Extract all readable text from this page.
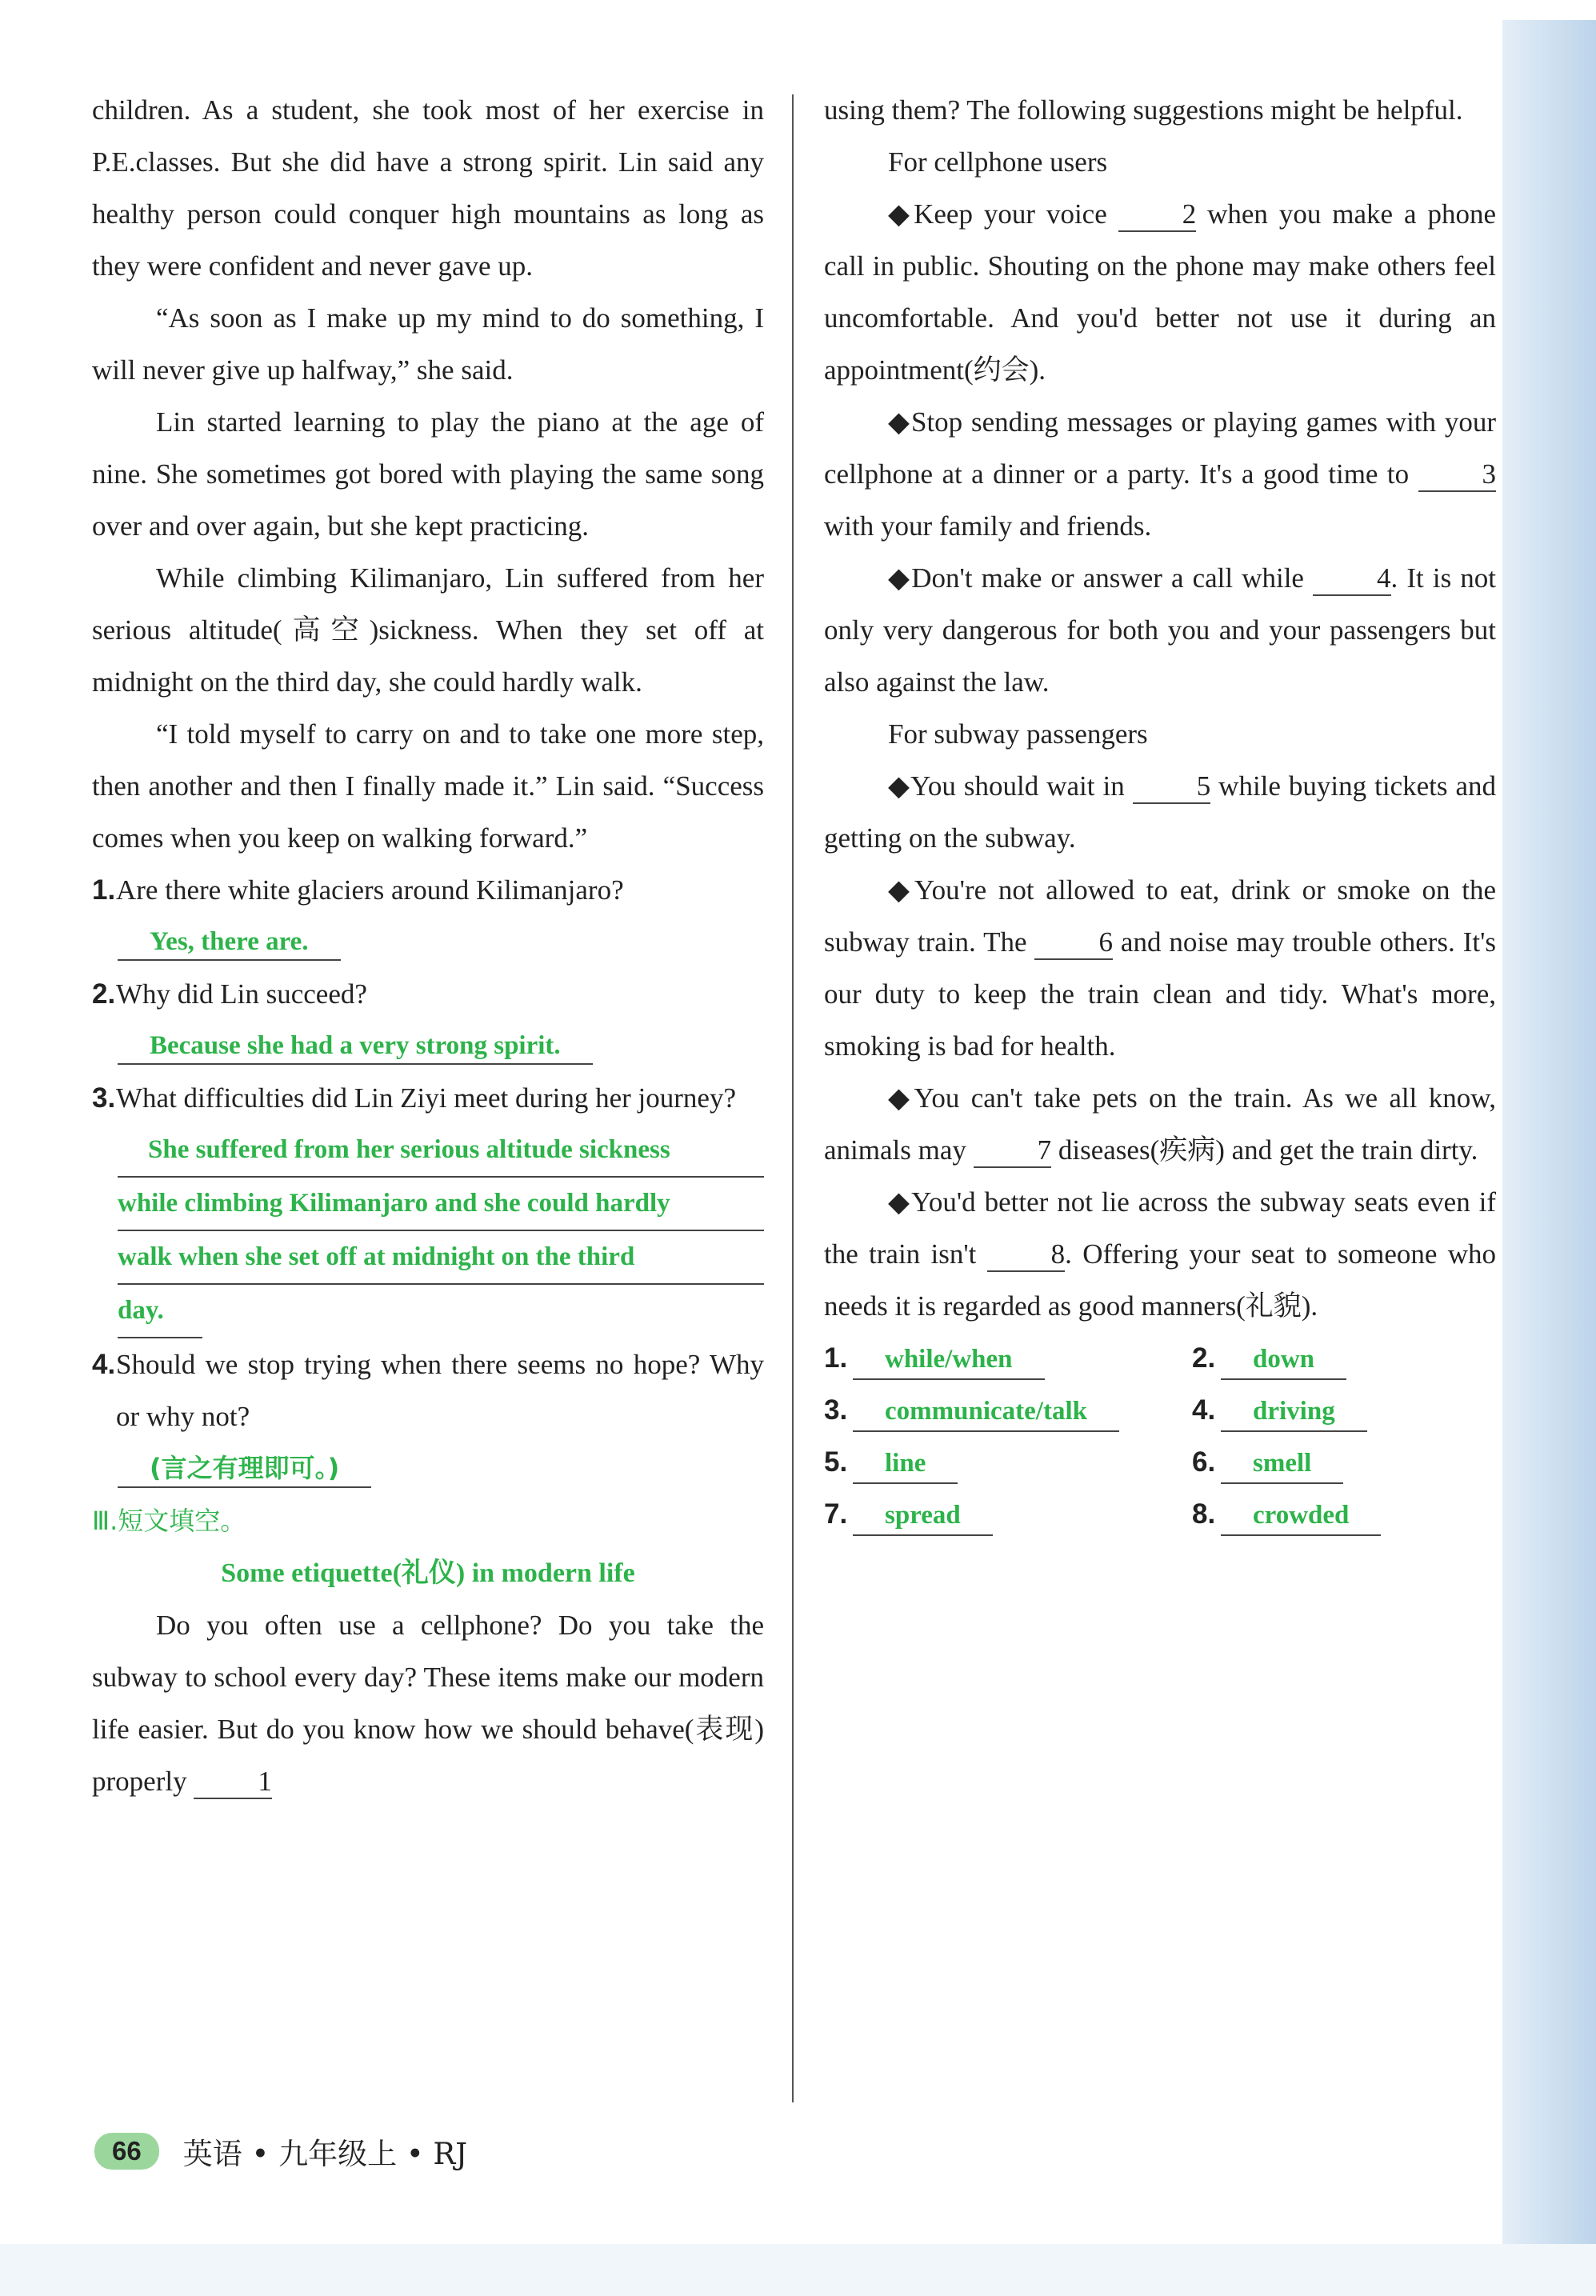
children. As a student, she took most of her exercise in P.E.classes. But she did have a strong spirit. Lin said any healthy person could conquer high mountains as long as they were confident and never gave up.

“As soon as I make up my mind to do something, I will never give up halfway,” she said.

Lin started learning to play the piano at the age of nine. She sometimes got bored with playing the same song over and over again, but she kept practicing.

While climbing Kilimanjaro, Lin suffered from her serious altitude(高空)sickness. When they set off at midnight on the third day, she could hardly walk.

“I told myself to carry on and to take one more step, then another and then I finally made it.” Lin said. “Success comes when you keep on walking forward.”

1. Are there white glaciers around Kilimanjaro?

Yes, there are.

2. Why did Lin succeed?

Because she had a very strong spirit.

3. What difficulties did Lin Ziyi meet during her journey?
She suffered from her serious altitude sickness
while climbing Kilimanjaro and she could hardly
walk when she set off at midnight on the third
day.
4. Should we stop trying when there seems no hope? Why or why not?

(言之有理即可。)

Ⅲ.短文填空。

Some etiquette(礼仪) in modern life

Do you often use a cellphone? Do you take the subway to school every day? These items make our modern life easier. But do you know how we should behave(表现) properly	1

using them? The following suggestions might be helpful.

For cellphone users

◆Keep your voice	2 when you make a phone call in public. Shouting on the phone may make others feel uncomfortable. And you'd better not use it during an appointment(约会).

◆Stop sending messages or playing games with your cellphone at a dinner or a party. It's a good time to	3 with your family and friends.

◆Don't make or answer a call while	4. It is not only very dangerous for both you and your passengers but also against the law.

For subway passengers

◆You should wait in	5 while buying tickets and getting on the subway.

◆You're not allowed to eat, drink or smoke on the subway train. The	6 and noise may trouble others. It's our duty to keep the train clean and tidy. What's more, smoking is bad for health.

◆You can't take pets on the train. As we all know, animals may	7 diseases(疾病) and get the train dirty.

◆You'd better not lie across the subway seats even if the train isn't	8. Offering your seat to someone who needs it is regarded as good manners(礼貌).

1.	while/when	2.	down
3.	communicate/talk	4.	driving
5.	line	6.	smell
7.	spread	8.	crowded
66	英语 • 九年级上 • RJ
